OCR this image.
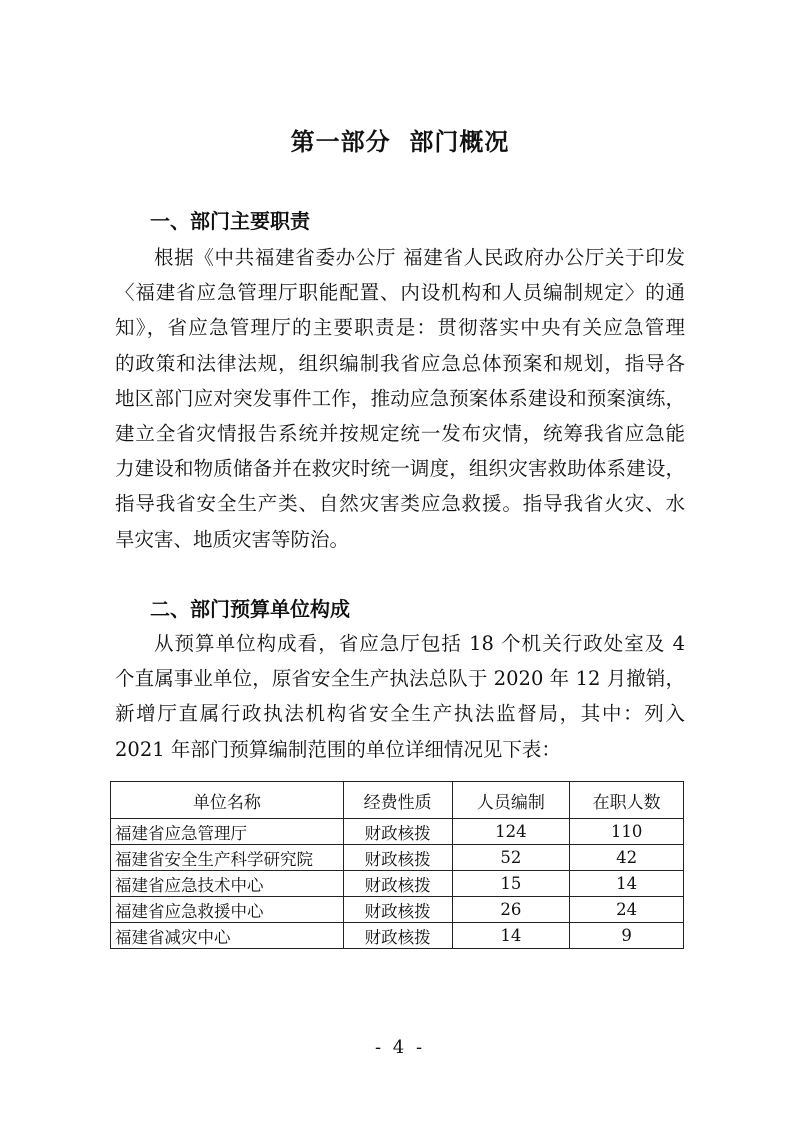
第一部分  部门概况
一、部门主要职责
根据《中共福建省委办公厅 福建省人民政府办公厅关于印发
〈福建省应急管理厅职能配置、内设机构和人员编制规定〉的通
知》，省应急管理厅的主要职责是：贯彻落实中央有关应急管理
的政策和法律法规，组织编制我省应急总体预案和规划，指导各
地区部门应对突发事件工作，推动应急预案体系建设和预案演练，
建立全省灾情报告系统并按规定统一发布灾情，统筹我省应急能
力建设和物质储备并在救灾时统一调度，组织灾害救助体系建设，
指导我省安全生产类、自然灾害类应急救援。指导我省火灾、水
旱灾害、地质灾害等防治。
二、部门预算单位构成
从预算单位构成看，省应急厅包括 18 个机关行政处室及 4
个直属事业单位，原省安全生产执法总队于 2020 年 12 月撤销，
新增厅直属行政执法机构省安全生产执法监督局，其中：列入
2021 年部门预算编制范围的单位详细情况见下表：
单位名称	经费性质	人员编制	在职人数
福建省应急管理厅	财政核拨	124	110
福建省安全生产科学研究院	财政核拨	52	42
福建省应急技术中心	财政核拨	15	14
福建省应急救援中心	财政核拨	26	24
福建省减灾中心	财政核拨	14	9
- 4 -
